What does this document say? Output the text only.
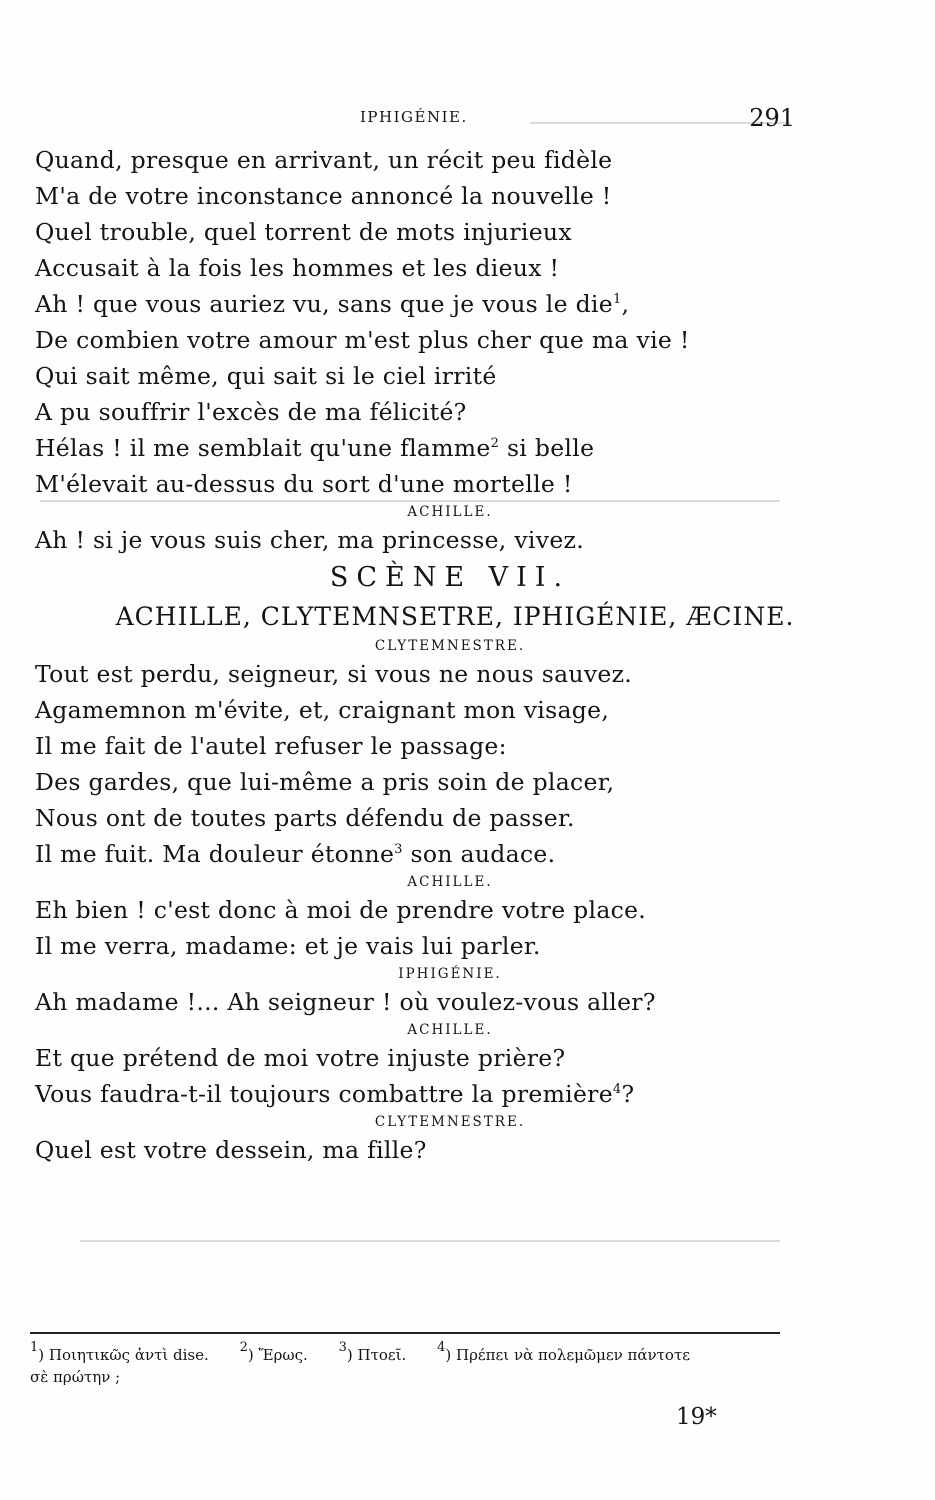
IPHIGÉNIE.	291
Quand, presque en arrivant, un récit peu fidèle
M'a de votre inconstance annoncé la nouvelle !
Quel trouble, quel torrent de mots injurieux
Accusait à la fois les hommes et les dieux !
Ah ! que vous auriez vu, sans que je vous le die$^1$,
De combien votre amour m'est plus cher que ma vie !
Qui sait même, qui sait si le ciel irrité
A pu souffrir l'excès de ma félicité?
Hélas ! il me semblait qu'une flamme$^2$ si belle
M'élevait au-dessus du sort d'une mortelle !
ACHILLE.
Ah ! si je vous suis cher, ma princesse, vivez.
SCÈNE VII.
ACHILLE, CLYTEMNSETRE, IPHIGÉNIE, ÆCINE.
CLYTEMNESTRE.
Tout est perdu, seigneur, si vous ne nous sauvez.
Agamemnon m'évite, et, craignant mon visage,
Il me fait de l'autel refuser le passage:
Des gardes, que lui-même a pris soin de placer,
Nous ont de toutes parts défendu de passer.
Il me fuit. Ma douleur étonne$^3$ son audace.
ACHILLE.
Eh bien ! c'est donc à moi de prendre votre place.
Il me verra, madame: et je vais lui parler.
IPHIGÉNIE.
Ah madame !... Ah seigneur ! où voulez-vous aller?
ACHILLE.
Et que prétend de moi votre injuste prière?
Vous faudra-t-il toujours combattre la première$^4$?
CLYTEMNESTRE.
Quel est votre dessein, ma fille?
$^1$) Ποιητικῶς ἀντὶ dise. $^2$) Ἔρως. $^3$) Πτοεῖ. $^4$) Πρέπει νὰ πολεμῶμεν πάντοτε
σὲ πρώτην ;
19*
